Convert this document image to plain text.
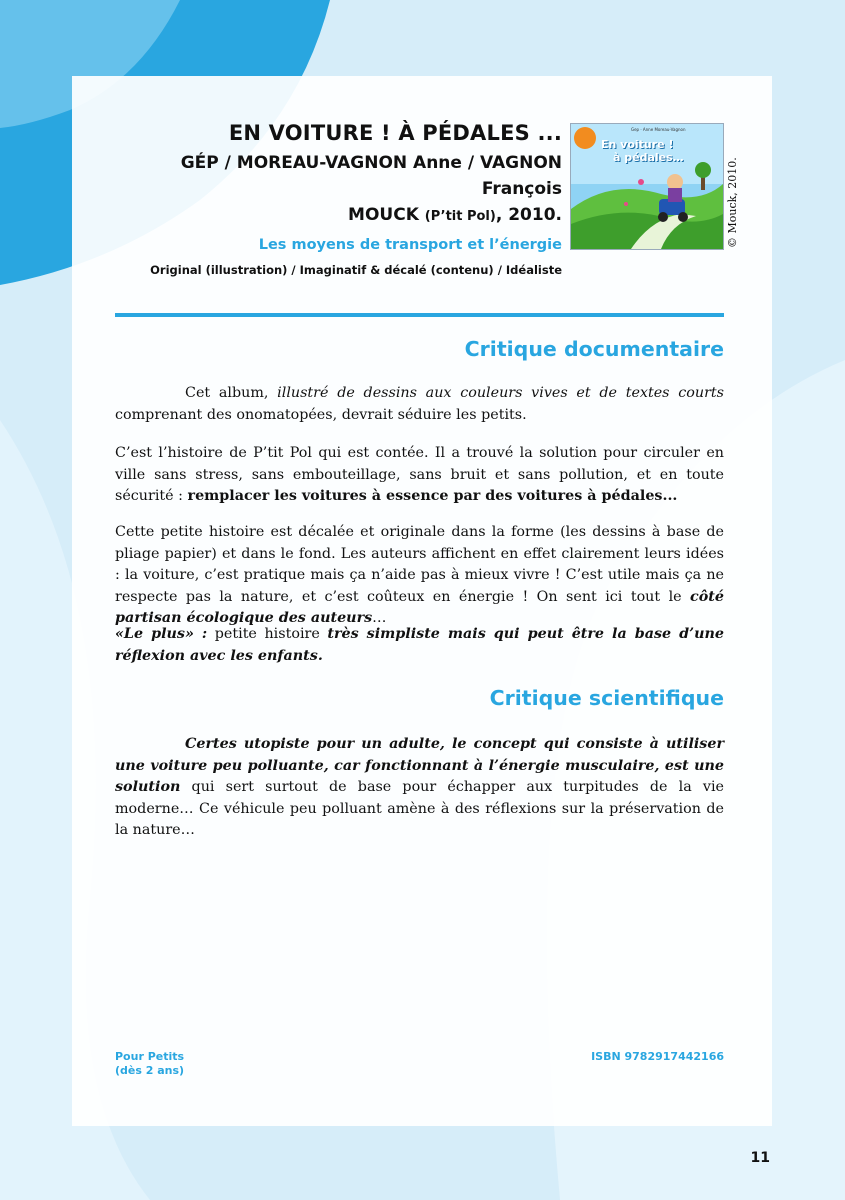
EN VOITURE ! À PÉDALES ...
GÉP / MOREAU-VAGNON Anne / VAGNON François
MOUCK (P’tit Pol), 2010.
Les moyens de transport et l’énergie
Original (illustration) / Imaginatif & décalé (contenu) / Idéaliste
Gep · Anne Moreau-Vagnon
En voiture !
à pédales…	© Mouck, 2010.
Critique documentaire

Cet album, illustré de dessins aux couleurs vives et de textes courts comprenant des onomatopées, devrait séduire les petits.

C’est l’histoire de P’tit Pol qui est contée. Il a trouvé la solution pour circuler en ville sans stress, sans embouteillage, sans bruit et sans pollution, et en toute sécurité : remplacer les voitures à essence par des voitures à pédales...

Cette petite histoire est décalée et originale dans la forme (les dessins à base de pliage papier) et dans le fond. Les auteurs affichent en effet clairement leurs idées : la voiture, c’est pratique mais ça n’aide pas à mieux vivre ! C’est utile mais ça ne respecte pas la nature, et c’est coûteux en énergie ! On sent ici tout le côté partisan écologique des auteurs…

«Le plus» : petite histoire très simpliste mais qui peut être la base d’une réflexion avec les enfants.

Critique scientifique

Certes utopiste pour un adulte, le concept qui consiste à utiliser une voiture peu polluante, car fonctionnant à l’énergie musculaire, est une solution qui sert surtout de base pour échapper aux turpitudes de la vie moderne… Ce véhicule peu polluant amène à des réflexions sur la préservation de la nature…

Pour Petits
(dès 2 ans)
ISBN 9782917442166
11
